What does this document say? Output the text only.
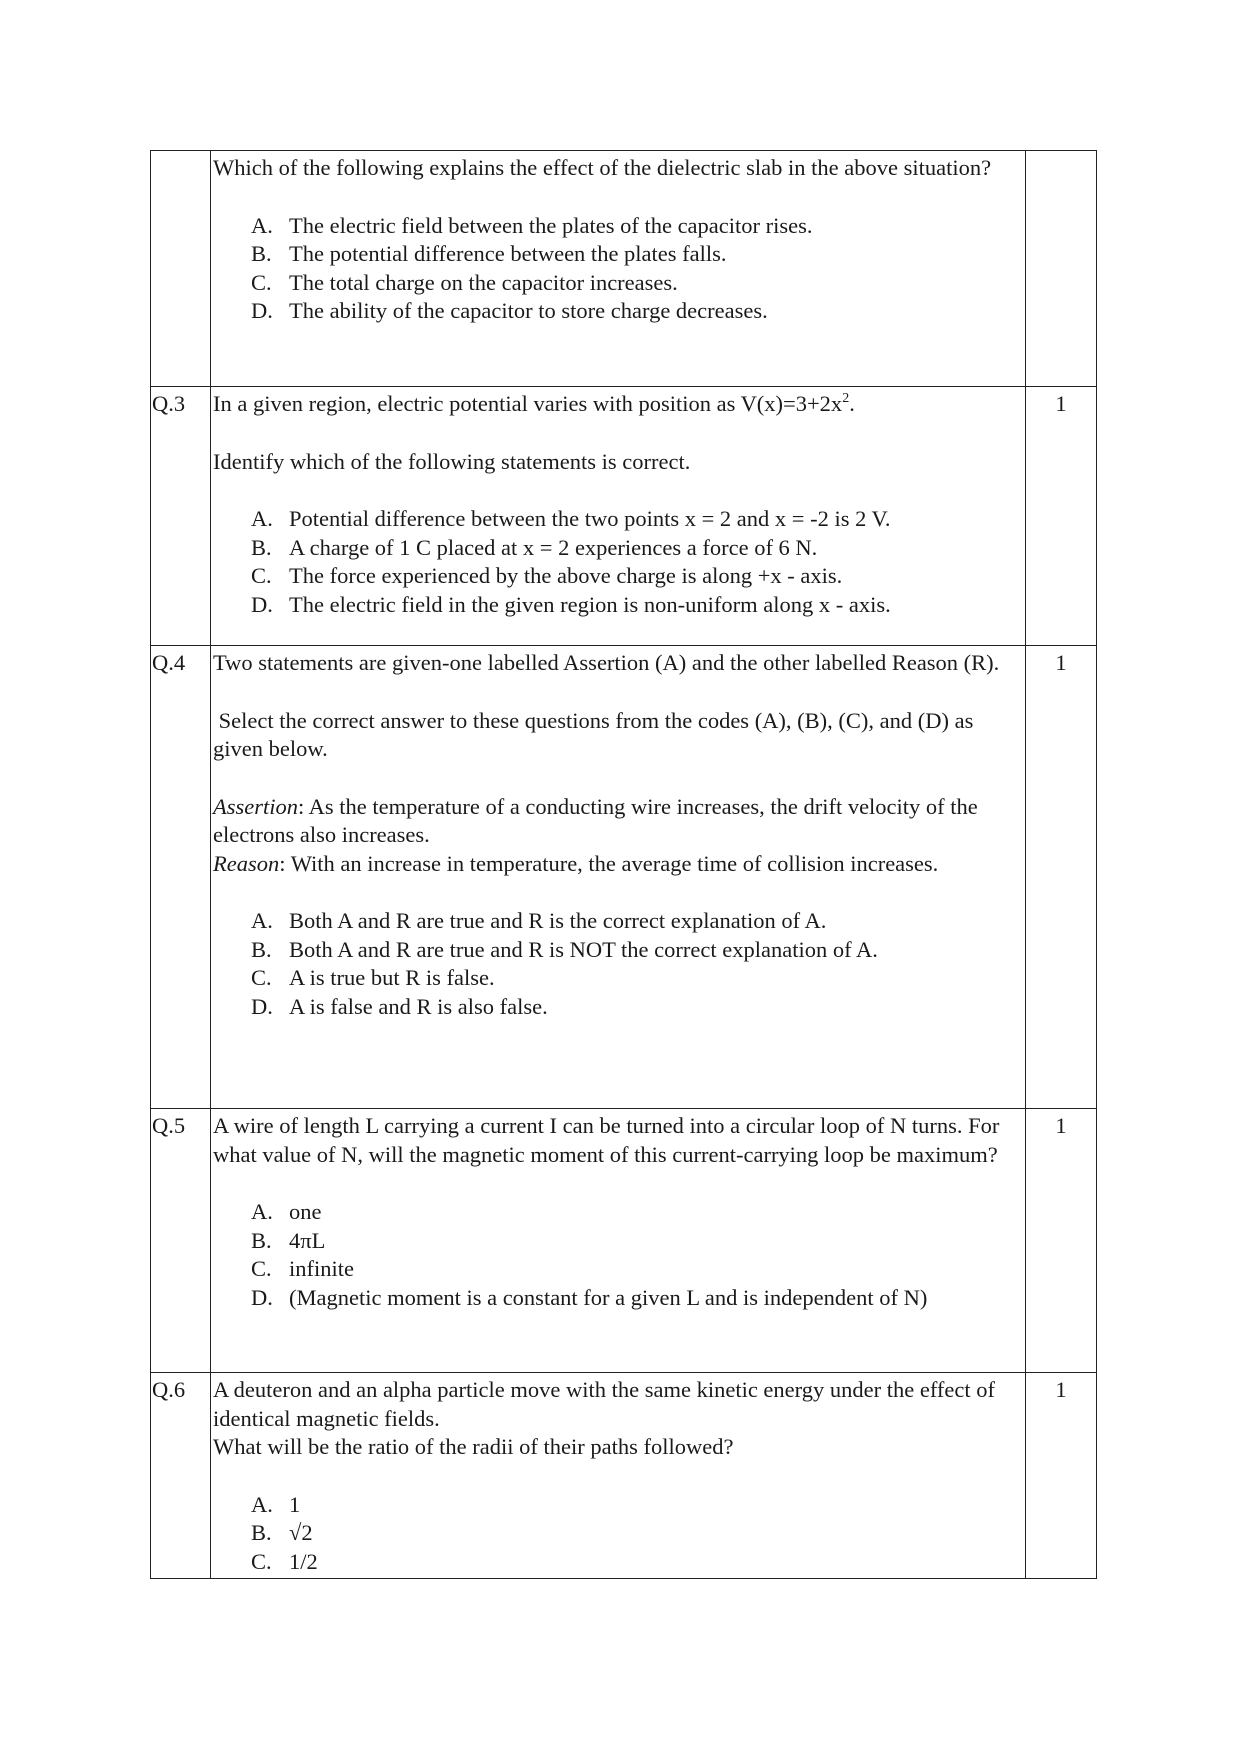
Which of the following explains the effect of the dielectric slab in the above situation?

A. The electric field between the plates of the capacitor rises.
B. The potential difference between the plates falls.
C. The total charge on the capacitor increases.
D. The ability of the capacitor to store charge decreases.

Q.3	In a given region, electric potential varies with position as $V(x)=3+2x^2$.

Identify which of the following statements is correct.

A. Potential difference between the two points x = 2 and x = -2 is 2 V.
B. A charge of 1 C placed at x = 2 experiences a force of 6 N.
C. The force experienced by the above charge is along +x - axis.
D. The electric field in the given region is non-uniform along x - axis.
	1
Q.4	Two statements are given-one labelled Assertion (A) and the other labelled Reason (R).

Select the correct answer to these questions from the codes (A), (B), (C), and (D) as given below.

Assertion: As the temperature of a conducting wire increases, the drift velocity of the electrons also increases.

Reason: With an increase in temperature, the average time of collision increases.

A. Both A and R are true and R is the correct explanation of A.
B. Both A and R are true and R is NOT the correct explanation of A.
C. A is true but R is false.
D. A is false and R is also false.
	1
Q.5	A wire of length L carrying a current I can be turned into a circular loop of N turns. For what value of N, will the magnetic moment of this current-carrying loop be maximum?

A. one
B. 4πL
C. infinite
D. (Magnetic moment is a constant for a given L and is independent of N)
	1
Q.6	A deuteron and an alpha particle move with the same kinetic energy under the effect of identical magnetic fields.

What will be the ratio of the radii of their paths followed?

A. 1
B. √2
C. 1/2
	1
